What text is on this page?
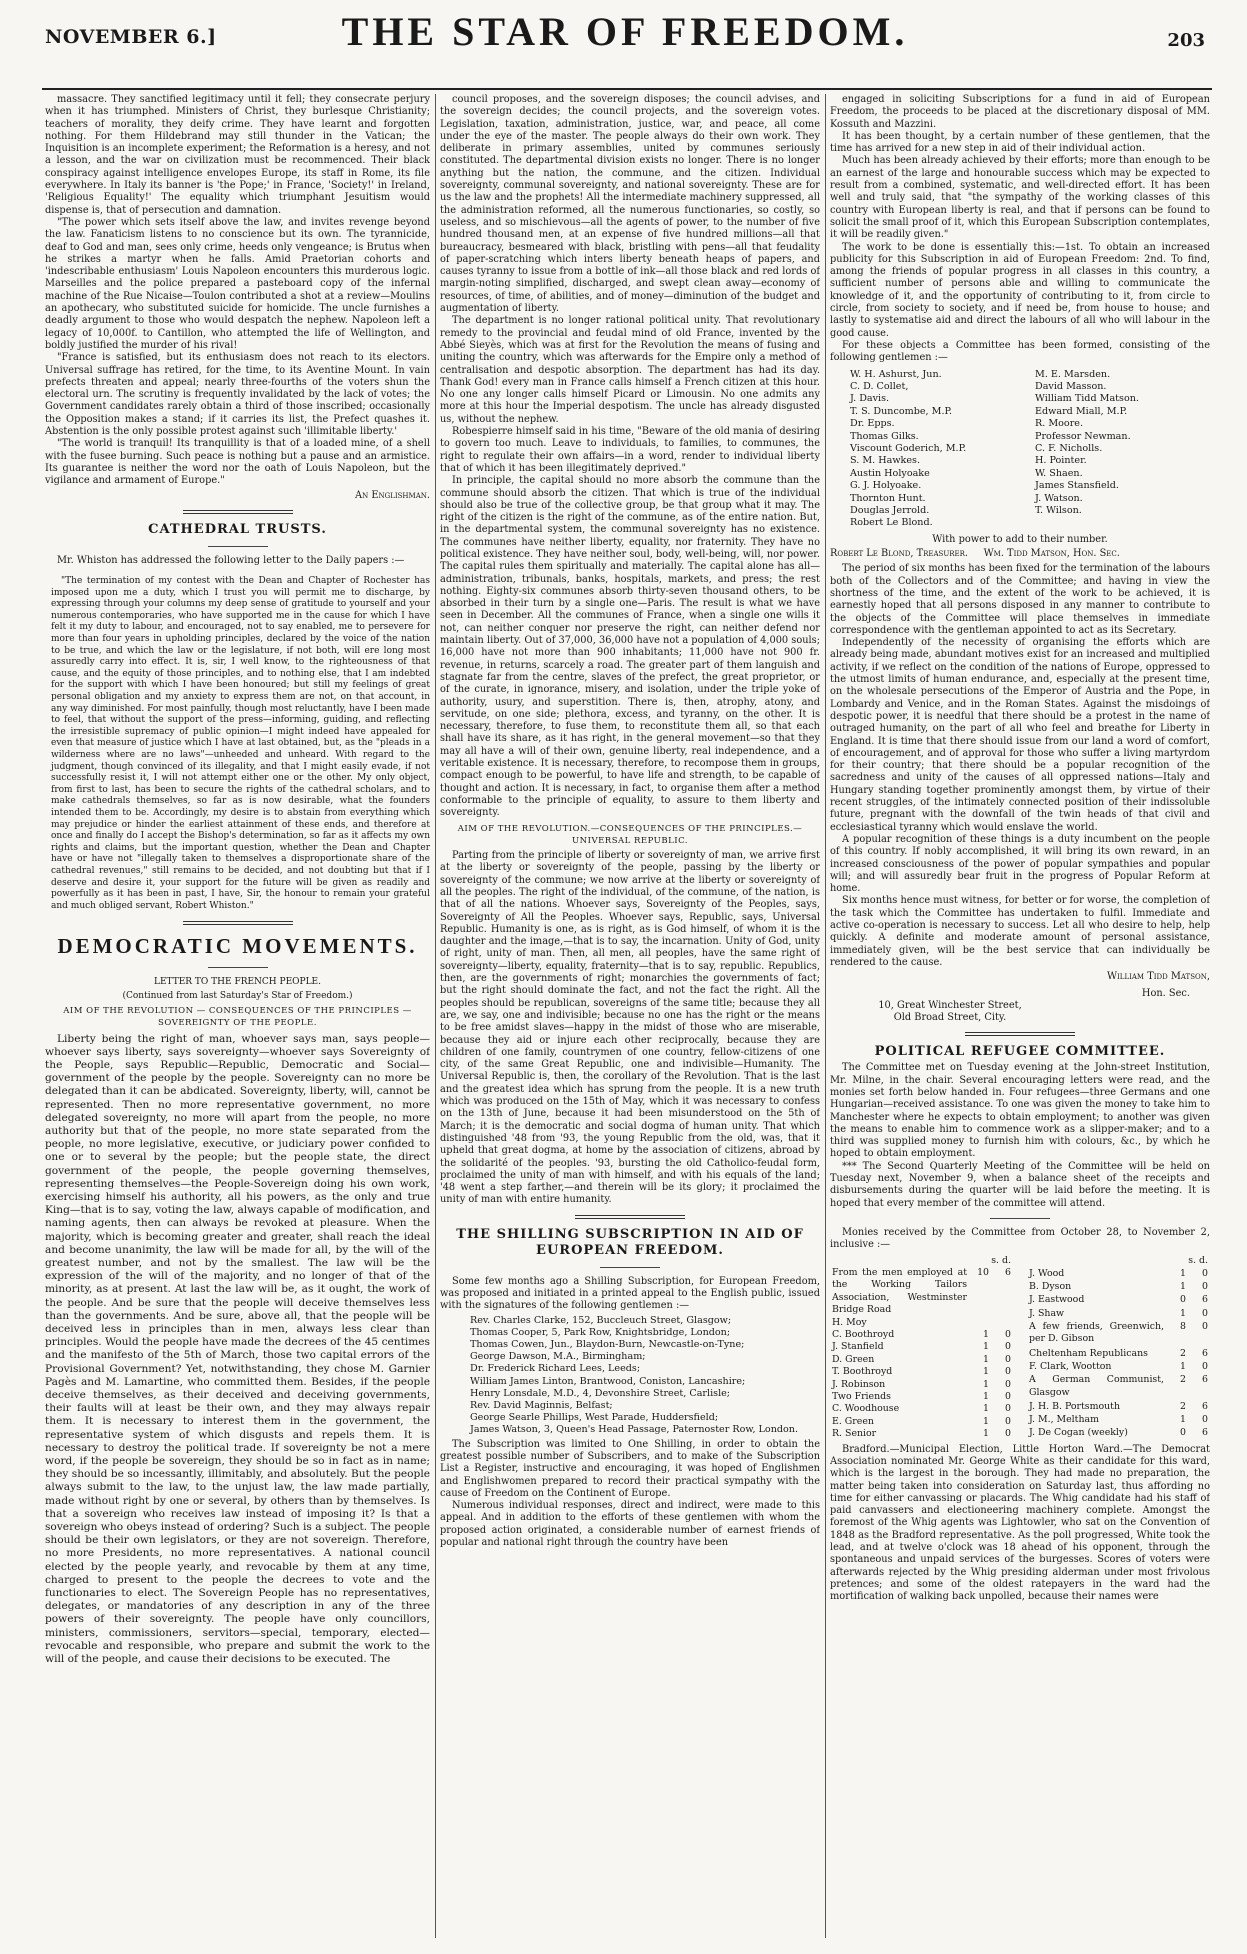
NOVEMBER 6.]	THE STAR OF FREEDOM.	203

massacre. They sanctified legitimacy until it fell; they consecrate perjury when it has triumphed. Ministers of Christ, they burlesque Christianity; teachers of morality, they deify crime. They have learnt and forgotten nothing. For them Hildebrand may still thunder in the Vatican; the Inquisition is an incomplete experiment; the Reformation is a heresy, and not a lesson, and the war on civilization must be recommenced. Their black conspiracy against intelligence envelopes Europe, its staff in Rome, its file everywhere. In Italy its banner is 'the Pope;' in France, 'Society!' in Ireland, 'Religious Equality!' The equality which triumphant Jesuitism would dispense is, that of persecution and damnation.

"The power which sets itself above the law, and invites revenge beyond the law. Fanaticism listens to no conscience but its own. The tyrannicide, deaf to God and man, sees only crime, heeds only vengeance; is Brutus when he strikes a martyr when he falls. Amid Praetorian cohorts and 'indescribable enthusiasm' Louis Napoleon encounters this murderous logic. Marseilles and the police prepared a pasteboard copy of the infernal machine of the Rue Nicaise—Toulon contributed a shot at a review—Moulins an apothecary, who substituted suicide for homicide. The uncle furnishes a deadly argument to those who would despatch the nephew. Napoleon left a legacy of 10,000f. to Cantillon, who attempted the life of Wellington, and boldly justified the murder of his rival!

"France is satisfied, but its enthusiasm does not reach to its electors. Universal suffrage has retired, for the time, to its Aventine Mount. In vain prefects threaten and appeal; nearly three-fourths of the voters shun the electoral urn. The scrutiny is frequently invalidated by the lack of votes; the Government candidates rarely obtain a third of those inscribed; occasionally the Opposition makes a stand; if it carries its list, the Prefect quashes it. Abstention is the only possible protest against such 'illimitable liberty.'

"The world is tranquil! Its tranquillity is that of a loaded mine, of a shell with the fusee burning. Such peace is nothing but a pause and an armistice. Its guarantee is neither the word nor the oath of Louis Napoleon, but the vigilance and armament of Europe."

An Englishman.
CATHEDRAL TRUSTS.

Mr. Whiston has addressed the following letter to the Daily papers :—

"The termination of my contest with the Dean and Chapter of Rochester has imposed upon me a duty, which I trust you will permit me to discharge, by expressing through your columns my deep sense of gratitude to yourself and your numerous contemporaries, who have supported me in the cause for which I have felt it my duty to labour, and encouraged, not to say enabled, me to persevere for more than four years in upholding principles, declared by the voice of the nation to be true, and which the law or the legislature, if not both, will ere long most assuredly carry into effect. It is, sir, I well know, to the righteousness of that cause, and the equity of those principles, and to nothing else, that I am indebted for the support with which I have been honoured; but still my feelings of great personal obligation and my anxiety to express them are not, on that account, in any way diminished. For most painfully, though most reluctantly, have I been made to feel, that without the support of the press—informing, guiding, and reflecting the irresistible supremacy of public opinion—I might indeed have appealed for even that measure of justice which I have at last obtained, but, as the "pleads in a wilderness where are no laws"—unheeded and unheard. With regard to the judgment, though convinced of its illegality, and that I might easily evade, if not successfully resist it, I will not attempt either one or the other. My only object, from first to last, has been to secure the rights of the cathedral scholars, and to make cathedrals themselves, so far as is now desirable, what the founders intended them to be. Accordingly, my desire is to abstain from everything which may prejudice or hinder the earliest attainment of these ends, and therefore at once and finally do I accept the Bishop's determination, so far as it affects my own rights and claims, but the important question, whether the Dean and Chapter have or have not "illegally taken to themselves a disproportionate share of the cathedral revenues," still remains to be decided, and not doubting but that if I deserve and desire it, your support for the future will be given as readily and powerfully as it has been in past, I have, Sir, the honour to remain your grateful and much obliged servant, Robert Whiston."

DEMOCRATIC MOVEMENTS.
LETTER TO THE FRENCH PEOPLE.
(Continued from last Saturday's Star of Freedom.)
AIM OF THE REVOLUTION — CONSEQUENCES OF THE PRINCIPLES — SOVEREIGNTY OF THE PEOPLE.

Liberty being the right of man, whoever says man, says people—whoever says liberty, says sovereignty—whoever says Sovereignty of the People, says Republic—Republic, Democratic and Social—government of the people by the people. Sovereignty can no more be delegated than it can be abdicated. Sovereignty, liberty, will, cannot be represented. Then no more representative government, no more delegated sovereignty, no more will apart from the people, no more authority but that of the people, no more state separated from the people, no more legislative, executive, or judiciary power confided to one or to several by the people; but the people state, the direct government of the people, the people governing themselves, representing themselves—the People-Sovereign doing his own work, exercising himself his authority, all his powers, as the only and true King—that is to say, voting the law, always capable of modification, and naming agents, then can always be revoked at pleasure. When the majority, which is becoming greater and greater, shall reach the ideal and become unanimity, the law will be made for all, by the will of the greatest number, and not by the smallest. The law will be the expression of the will of the majority, and no longer of that of the minority, as at present. At last the law will be, as it ought, the work of the people. And be sure that the people will deceive themselves less than the governments. And be sure, above all, that the people will be deceived less in principles than in men, always less clear than principles. Would the people have made the decrees of the 45 centimes and the manifesto of the 5th of March, those two capital errors of the Provisional Government? Yet, notwithstanding, they chose M. Garnier Pagès and M. Lamartine, who committed them. Besides, if the people deceive themselves, as their deceived and deceiving governments, their faults will at least be their own, and they may always repair them. It is necessary to interest them in the government, the representative system of which disgusts and repels them. It is necessary to destroy the political trade. If sovereignty be not a mere word, if the people be sovereign, they should be so in fact as in name; they should be so incessantly, illimitably, and absolutely. But the people always submit to the law, to the unjust law, the law made partially, made without right by one or several, by others than by themselves. Is that a sovereign who receives law instead of imposing it? Is that a sovereign who obeys instead of ordering? Such is a subject. The people should be their own legislators, or they are not sovereign. Therefore, no more Presidents, no more representatives. A national council elected by the people yearly, and revocable by them at any time, charged to present to the people the decrees to vote and the functionaries to elect. The Sovereign People has no representatives, delegates, or mandatories of any description in any of the three powers of their sovereignty. The people have only councillors, ministers, commissioners, servitors—special, temporary, elected—revocable and responsible, who prepare and submit the work to the will of the people, and cause their decisions to be executed. The

council proposes, and the sovereign disposes; the council advises, and the sovereign decides; the council projects, and the sovereign votes. Legislation, taxation, administration, justice, war, and peace, all come under the eye of the master. The people always do their own work. They deliberate in primary assemblies, united by communes seriously constituted. The departmental division exists no longer. There is no longer anything but the nation, the commune, and the citizen. Individual sovereignty, communal sovereignty, and national sovereignty. These are for us the law and the prophets! All the intermediate machinery suppressed, all the administration reformed, all the numerous functionaries, so costly, so useless, and so mischievous—all the agents of power, to the number of five hundred thousand men, at an expense of five hundred millions—all that bureaucracy, besmeared with black, bristling with pens—all that feudality of paper-scratching which inters liberty beneath heaps of papers, and causes tyranny to issue from a bottle of ink—all those black and red lords of margin-noting simplified, discharged, and swept clean away—economy of resources, of time, of abilities, and of money—diminution of the budget and augmentation of liberty.

The department is no longer rational political unity. That revolutionary remedy to the provincial and feudal mind of old France, invented by the Abbé Sieyès, which was at first for the Revolution the means of fusing and uniting the country, which was afterwards for the Empire only a method of centralisation and despotic absorption. The department has had its day. Thank God! every man in France calls himself a French citizen at this hour. No one any longer calls himself Picard or Limousin. No one admits any more at this hour the Imperial despotism. The uncle has already disgusted us, without the nephew.

Robespierre himself said in his time, "Beware of the old mania of desiring to govern too much. Leave to individuals, to families, to communes, the right to regulate their own affairs—in a word, render to individual liberty that of which it has been illegitimately deprived."

In principle, the capital should no more absorb the commune than the commune should absorb the citizen. That which is true of the individual should also be true of the collective group, be that group what it may. The right of the citizen is the right of the commune, as of the entire nation. But, in the departmental system, the communal sovereignty has no existence. The communes have neither liberty, equality, nor fraternity. They have no political existence. They have neither soul, body, well-being, will, nor power. The capital rules them spiritually and materially. The capital alone has all—administration, tribunals, banks, hospitals, markets, and press; the rest nothing. Eighty-six communes absorb thirty-seven thousand others, to be absorbed in their turn by a single one—Paris. The result is what we have seen in December. All the communes of France, when a single one wills it not, can neither conquer nor preserve the right, can neither defend nor maintain liberty. Out of 37,000, 36,000 have not a population of 4,000 souls; 16,000 have not more than 900 inhabitants; 11,000 have not 900 fr. revenue, in returns, scarcely a road. The greater part of them languish and stagnate far from the centre, slaves of the prefect, the great proprietor, or of the curate, in ignorance, misery, and isolation, under the triple yoke of authority, usury, and superstition. There is, then, atrophy, atony, and servitude, on one side; plethora, excess, and tyranny, on the other. It is necessary, therefore, to fuse them, to reconstitute them all, so that each shall have its share, as it has right, in the general movement—so that they may all have a will of their own, genuine liberty, real independence, and a veritable existence. It is necessary, therefore, to recompose them in groups, compact enough to be powerful, to have life and strength, to be capable of thought and action. It is necessary, in fact, to organise them after a method conformable to the principle of equality, to assure to them liberty and sovereignty.

AIM OF THE REVOLUTION.—CONSEQUENCES OF THE PRINCIPLES.—UNIVERSAL REPUBLIC.

Parting from the principle of liberty or sovereignty of man, we arrive first at the liberty or sovereignty of the people, passing by the liberty or sovereignty of the commune; we now arrive at the liberty or sovereignty of all the peoples. The right of the individual, of the commune, of the nation, is that of all the nations. Whoever says, Sovereignty of the Peoples, says, Sovereignty of All the Peoples. Whoever says, Republic, says, Universal Republic. Humanity is one, as is right, as is God himself, of whom it is the daughter and the image,—that is to say, the incarnation. Unity of God, unity of right, unity of man. Then, all men, all peoples, have the same right of sovereignty—liberty, equality, fraternity—that is to say, republic. Republics, then, are the governments of right; monarchies the governments of fact; but the right should dominate the fact, and not the fact the right. All the peoples should be republican, sovereigns of the same title; because they all are, we say, one and indivisible; because no one has the right or the means to be free amidst slaves—happy in the midst of those who are miserable, because they aid or injure each other reciprocally, because they are children of one family, countrymen of one country, fellow-citizens of one city, of the same Great Republic, one and indivisible—Humanity. The Universal Republic is, then, the corollary of the Revolution. That is the last and the greatest idea which has sprung from the people. It is a new truth which was produced on the 15th of May, which it was necessary to confess on the 13th of June, because it had been misunderstood on the 5th of March; it is the democratic and social dogma of human unity. That which distinguished '48 from '93, the young Republic from the old, was, that it upheld that great dogma, at home by the association of citizens, abroad by the solidarité of the peoples. '93, bursting the old Catholico-feudal form, proclaimed the unity of man with himself, and with his equals of the land; '48 went a step farther,—and therein will be its glory; it proclaimed the unity of man with entire humanity.

THE SHILLING SUBSCRIPTION IN AID OF EUROPEAN FREEDOM.

Some few months ago a Shilling Subscription, for European Freedom, was proposed and initiated in a printed appeal to the English public, issued with the signatures of the following gentlemen :—

Rev. Charles Clarke, 152, Buccleuch Street, Glasgow;
Thomas Cooper, 5, Park Row, Knightsbridge, London;
Thomas Cowen, Jun., Blaydon-Burn, Newcastle-on-Tyne;
George Dawson, M.A., Birmingham;
Dr. Frederick Richard Lees, Leeds;
William James Linton, Brantwood, Coniston, Lancashire;
Henry Lonsdale, M.D., 4, Devonshire Street, Carlisle;
Rev. David Maginnis, Belfast;
George Searle Phillips, West Parade, Huddersfield;
James Watson, 3, Queen's Head Passage, Paternoster Row, London.

The Subscription was limited to One Shilling, in order to obtain the greatest possible number of Subscribers, and to make of the Subscription List a Register, instructive and encouraging, it was hoped of Englishmen and Englishwomen prepared to record their practical sympathy with the cause of Freedom on the Continent of Europe.

Numerous individual responses, direct and indirect, were made to this appeal. And in addition to the efforts of these gentlemen with whom the proposed action originated, a considerable number of earnest friends of popular and national right through the country have been

engaged in soliciting Subscriptions for a fund in aid of European Freedom, the proceeds to be placed at the discretionary disposal of MM. Kossuth and Mazzini.

It has been thought, by a certain number of these gentlemen, that the time has arrived for a new step in aid of their individual action.

Much has been already achieved by their efforts; more than enough to be an earnest of the large and honourable success which may be expected to result from a combined, systematic, and well-directed effort. It has been well and truly said, that "the sympathy of the working classes of this country with European liberty is real, and that if persons can be found to solicit the small proof of it, which this European Subscription contemplates, it will be readily given."

The work to be done is essentially this:—1st. To obtain an increased publicity for this Subscription in aid of European Freedom: 2nd. To find, among the friends of popular progress in all classes in this country, a sufficient number of persons able and willing to communicate the knowledge of it, and the opportunity of contributing to it, from circle to circle, from society to society, and if need be, from house to house; and lastly to systematise aid and direct the labours of all who will labour in the good cause.

For these objects a Committee has been formed, consisting of the following gentlemen :—

W. H. Ashurst, Jun.
C. D. Collet,
J. Davis.
T. S. Duncombe, M.P.
Dr. Epps.
Thomas Gilks.
Viscount Goderich, M.P.
S. M. Hawkes.
Austin Holyoake
G. J. Holyoake.
Thornton Hunt.
Douglas Jerrold.
Robert Le Blond.
M. E. Marsden.
David Masson.
William Tidd Matson.
Edward Miall, M.P.
R. Moore.
Professor Newman.
C. F. Nicholls.
H. Pointer.
W. Shaen.
James Stansfield.
J. Watson.
T. Wilson.
With power to add to their number.
Robert Le Blond, Treasurer.     Wm. Tidd Matson, Hon. Sec.

The period of six months has been fixed for the termination of the labours both of the Collectors and of the Committee; and having in view the shortness of the time, and the extent of the work to be achieved, it is earnestly hoped that all persons disposed in any manner to contribute to the objects of the Committee will place themselves in immediate correspondence with the gentleman appointed to act as its Secretary.

Independently of the necessity of organising the efforts which are already being made, abundant motives exist for an increased and multiplied activity, if we reflect on the condition of the nations of Europe, oppressed to the utmost limits of human endurance, and, especially at the present time, on the wholesale persecutions of the Emperor of Austria and the Pope, in Lombardy and Venice, and in the Roman States. Against the misdoings of despotic power, it is needful that there should be a protest in the name of outraged humanity, on the part of all who feel and breathe for Liberty in England. It is time that there should issue from our land a word of comfort, of encouragement, and of approval for those who suffer a living martyrdom for their country; that there should be a popular recognition of the sacredness and unity of the causes of all oppressed nations—Italy and Hungary standing together prominently amongst them, by virtue of their recent struggles, of the intimately connected position of their indissoluble future, pregnant with the downfall of the twin heads of that civil and ecclesiastical tyranny which would enslave the world.

A popular recognition of these things is a duty incumbent on the people of this country. If nobly accomplished, it will bring its own reward, in an increased consciousness of the power of popular sympathies and popular will; and will assuredly bear fruit in the progress of Popular Reform at home.

Six months hence must witness, for better or for worse, the completion of the task which the Committee has undertaken to fulfil. Immediate and active co-operation is necessary to success. Let all who desire to help, help quickly. A definite and moderate amount of personal assistance, immediately given, will be the best service that can individually be rendered to the cause.

William Tidd Matson,
Hon. Sec.
10, Great Winchester Street, Old Broad Street, City.
POLITICAL REFUGEE COMMITTEE.

The Committee met on Tuesday evening at the John-street Institution, Mr. Milne, in the chair. Several encouraging letters were read, and the monies set forth below handed in. Four refugees—three Germans and one Hungarian—received assistance. To one was given the money to take him to Manchester where he expects to obtain employment; to another was given the means to enable him to commence work as a slipper-maker; and to a third was supplied money to furnish him with colours, &c., by which he hoped to obtain employment.

*** The Second Quarterly Meeting of the Committee will be held on Tuesday next, November 9, when a balance sheet of the receipts and disbursements during the quarter will be laid before the meeting. It is hoped that every member of the committee will attend.

Monies received by the Committee from October 28, to November 2, inclusive :—

	s. d.	
From the men employed at the Working Tailors Association, Westminster Bridge Road	10	6
H. Moy		
C. Boothroyd	1	0
J. Stanfield	1	0
D. Green	1	0
T. Boothroyd	1	0
J. Robinson	1	0
Two Friends	1	0
C. Woodhouse	1	0
E. Green	1	0
R. Senior	1	0
	s. d.	
J. Wood	1	0
B. Dyson	1	0
J. Eastwood	0	6
J. Shaw	1	0
A few friends, Greenwich, per D. Gibson	8	0
Cheltenham Republicans	2	6
F. Clark, Wootton	1	0
A German Communist, Glasgow	2	6
J. H. B. Portsmouth	2	6
J. M., Meltham	1	0
J. De Cogan (weekly)	0	6

Bradford.—Municipal Election, Little Horton Ward.—The Democrat Association nominated Mr. George White as their candidate for this ward, which is the largest in the borough. They had made no preparation, the matter being taken into consideration on Saturday last, thus affording no time for either canvassing or placards. The Whig candidate had his staff of paid canvassers and electioneering machinery complete. Amongst the foremost of the Whig agents was Lightowler, who sat on the Convention of 1848 as the Bradford representative. As the poll progressed, White took the lead, and at twelve o'clock was 18 ahead of his opponent, through the spontaneous and unpaid services of the burgesses. Scores of voters were afterwards rejected by the Whig presiding alderman under most frivolous pretences; and some of the oldest ratepayers in the ward had the mortification of walking back unpolled, because their names were
